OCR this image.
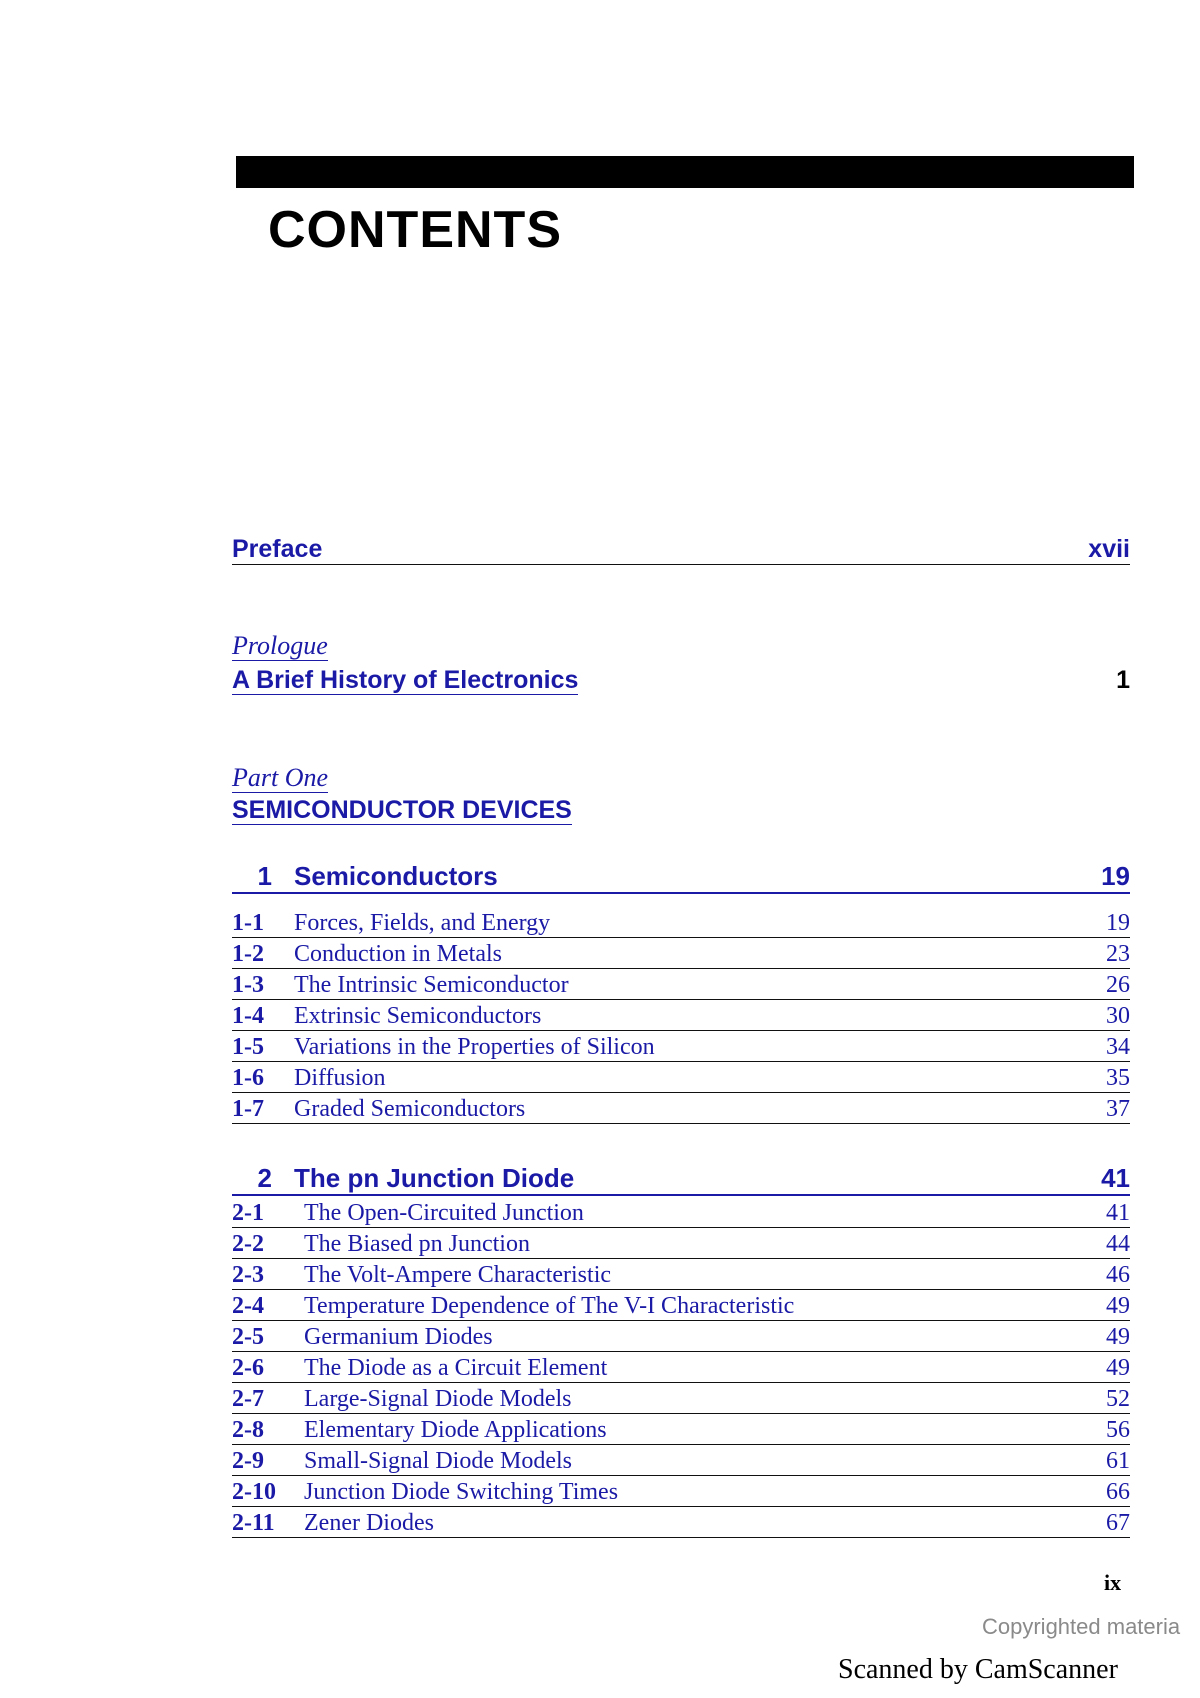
CONTENTS
Preface	xvii
Prologue
A Brief History of Electronics	1
Part One
SEMICONDUCTOR DEVICES
1 Semiconductors	19
1-1	Forces, Fields, and Energy	19
1-2	Conduction in Metals	23
1-3	The Intrinsic Semiconductor	26
1-4	Extrinsic Semiconductors	30
1-5	Variations in the Properties of Silicon	34
1-6	Diffusion	35
1-7	Graded Semiconductors	37
2 The pn Junction Diode	41
2-1	The Open-Circuited Junction	41
2-2	The Biased pn Junction	44
2-3	The Volt-Ampere Characteristic	46
2-4	Temperature Dependence of The V-I Characteristic	49
2-5	Germanium Diodes	49
2-6	The Diode as a Circuit Element	49
2-7	Large-Signal Diode Models	52
2-8	Elementary Diode Applications	56
2-9	Small-Signal Diode Models	61
2-10	Junction Diode Switching Times	66
2-11	Zener Diodes	67
ix
Copyrighted materia
Scanned by CamScanner
